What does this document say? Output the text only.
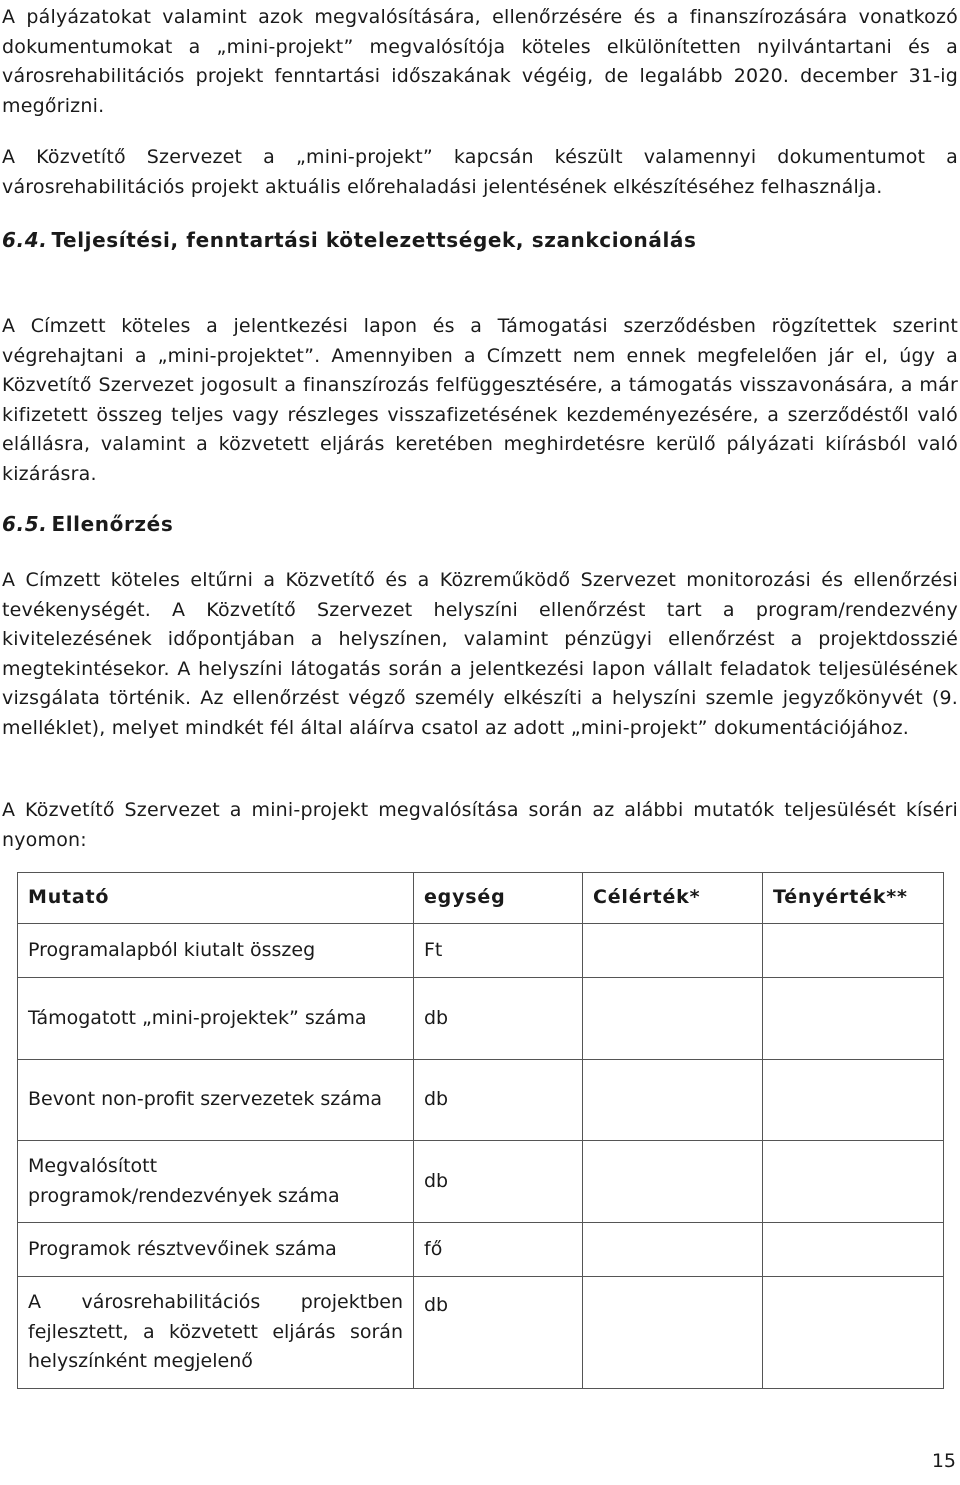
A pályázatokat valamint azok megvalósítására, ellenőrzésére és a finanszírozására vonatkozó dokumentumokat a „mini-projekt” megvalósítója köteles elkülönítetten nyilvántartani és a városrehabilitációs projekt fenntartási időszakának végéig, de legalább 2020. december 31-ig megőrizni.

A Közvetítő Szervezet a „mini-projekt” kapcsán készült valamennyi dokumentumot a városrehabilitációs projekt aktuális előrehaladási jelentésének elkészítéséhez felhasználja.

6.4. Teljesítési, fenntartási kötelezettségek, szankcionálás

A Címzett köteles a jelentkezési lapon és a Támogatási szerződésben rögzítettek szerint végrehajtani a „mini-projektet”. Amennyiben a Címzett nem ennek megfelelően jár el, úgy a Közvetítő Szervezet jogosult a finanszírozás felfüggesztésére, a támogatás visszavonására, a már kifizetett összeg teljes vagy részleges visszafizetésének kezdeményezésére, a szerződéstől való elállásra, valamint a közvetett eljárás keretében meghirdetésre kerülő pályázati kiírásból való kizárásra.

6.5. Ellenőrzés

A Címzett köteles eltűrni a Közvetítő és a Közreműködő Szervezet monitorozási és ellenőrzési tevékenységét. A Közvetítő Szervezet helyszíni ellenőrzést tart a program/rendezvény kivitelezésének időpontjában a helyszínen, valamint pénzügyi ellenőrzést a projektdosszié megtekintésekor. A helyszíni látogatás során a jelentkezési lapon vállalt feladatok teljesülésének vizsgálata történik. Az ellenőrzést végző személy elkészíti a helyszíni szemle jegyzőkönyvét (9. melléklet), melyet mindkét fél által aláírva csatol az adott „mini-projekt” dokumentációjához.

A Közvetítő Szervezet a mini-projekt megvalósítása során az alábbi mutatók teljesülését kíséri nyomon:

Mutató	egység	Célérték*	Tényérték**
Programalapból kiutalt összeg	Ft		
Támogatott „mini-projektek” száma	db		
Bevont non-profit szervezetek száma	db		
Megvalósított programok/rendezvények száma	db		
Programok résztvevőinek száma	fő		
A városrehabilitációs projektben fejlesztett, a közvetett eljárás során helyszínként megjelenő	db		
15
